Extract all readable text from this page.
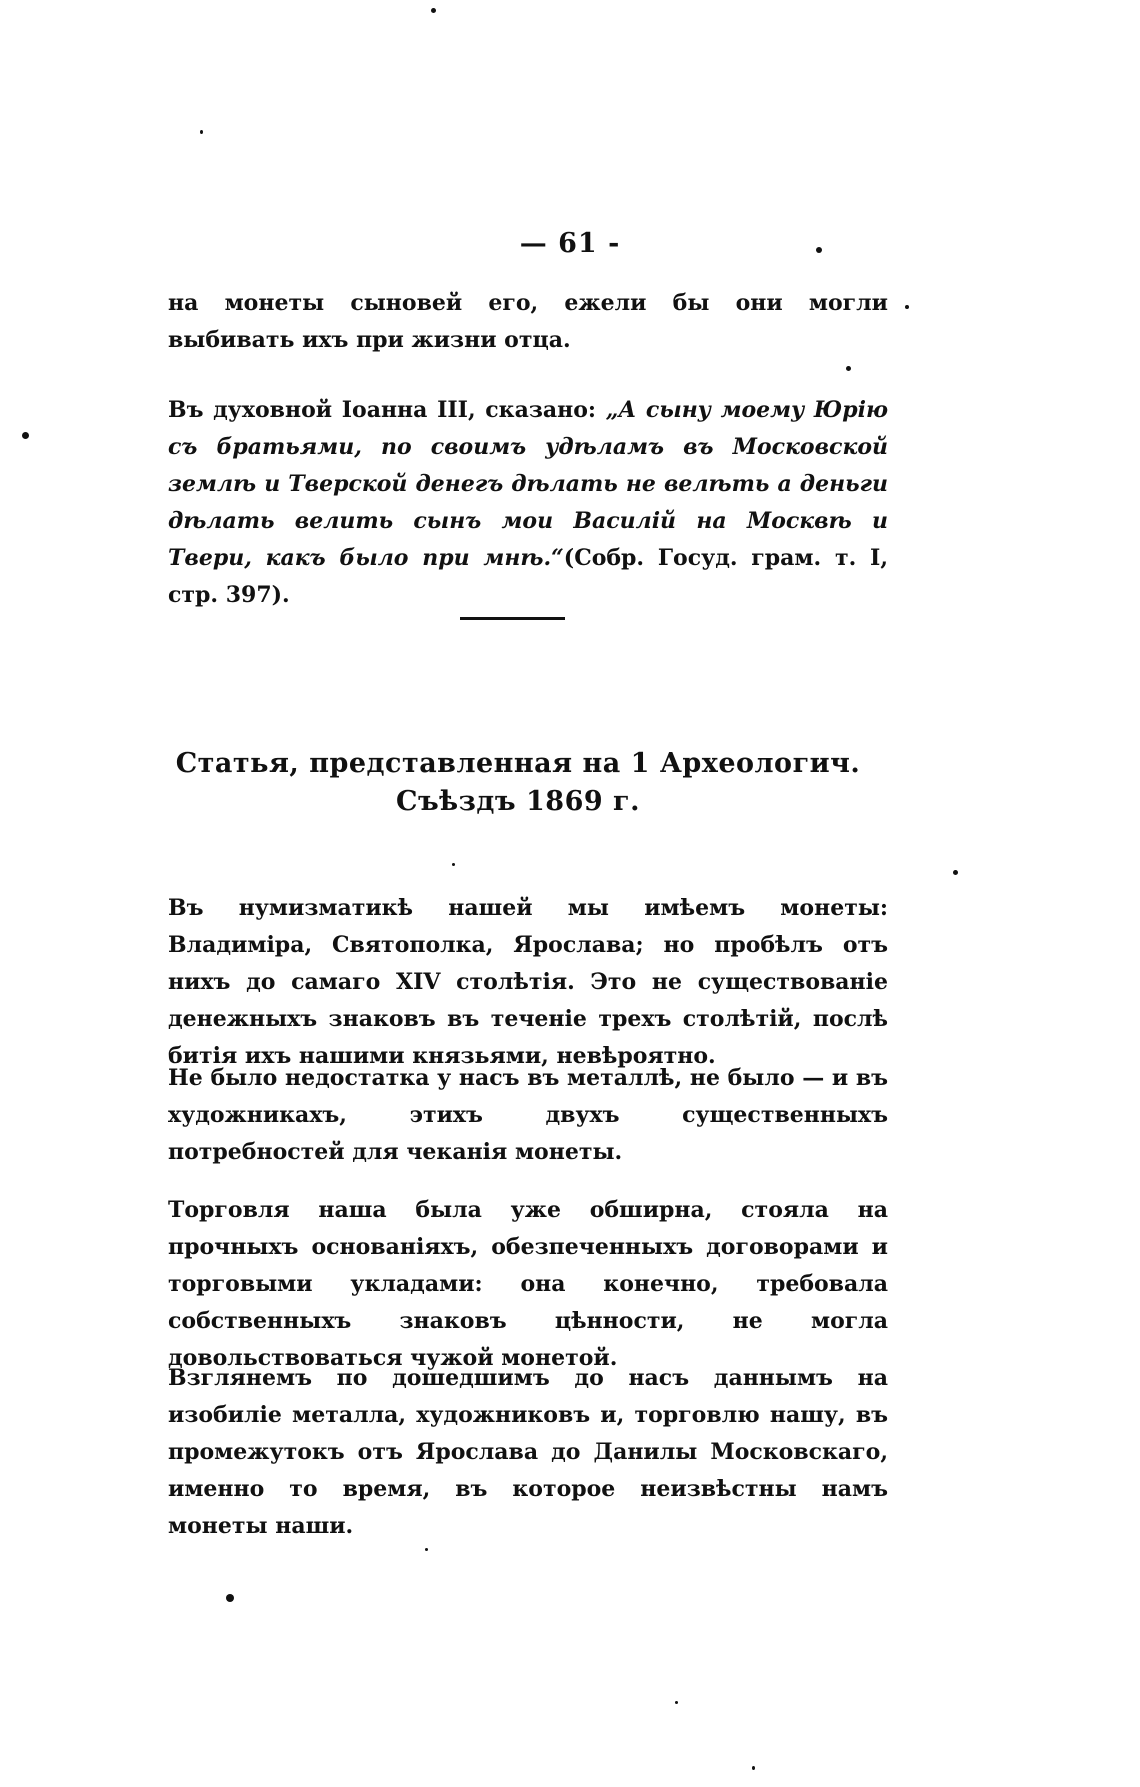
— 61 -

на монеты сыновей его, ежели бы они могли выбивать ихъ при жизни отца.

Въ духовной Іоанна III, сказано: „А сыну моему Юрію съ братьями, по своимъ удѣламъ въ Московской землѣ и Тверской денегъ дѣлать не велѣть а деньги дѣлать велить сынъ мои Василій на Москвѣ и Твери, какъ было при мнѣ.“(Собр. Госуд. грам. т. I, стр. 397).

Статья, представленная на 1 Археологич. Съѣздъ 1869 г.

Въ нумизматикѣ нашей мы имѣемъ монеты: Владиміра, Святополка, Ярослава; но пробѣлъ отъ нихъ до самаго XIV столѣтія. Это не существованіе денежныхъ знаковъ въ теченіе трехъ столѣтій, послѣ битія ихъ нашими князьями, невѣроятно.

Не было недостатка у насъ въ металлѣ, не было — и въ художникахъ, этихъ двухъ существенныхъ потребностей для чеканія монеты.

Торговля наша была уже обширна, стояла на прочныхъ основаніяхъ, обезпеченныхъ договорами и торговыми укладами: она конечно, требовала собственныхъ знаковъ цѣнности, не могла довольствоваться чужой монетой.

Взглянемъ по дошедшимъ до насъ даннымъ на изобиліе металла, художниковъ и, торговлю нашу, въ промежутокъ отъ Ярослава до Данилы Московскаго, именно то время, въ которое неизвѣстны намъ монеты наши.
